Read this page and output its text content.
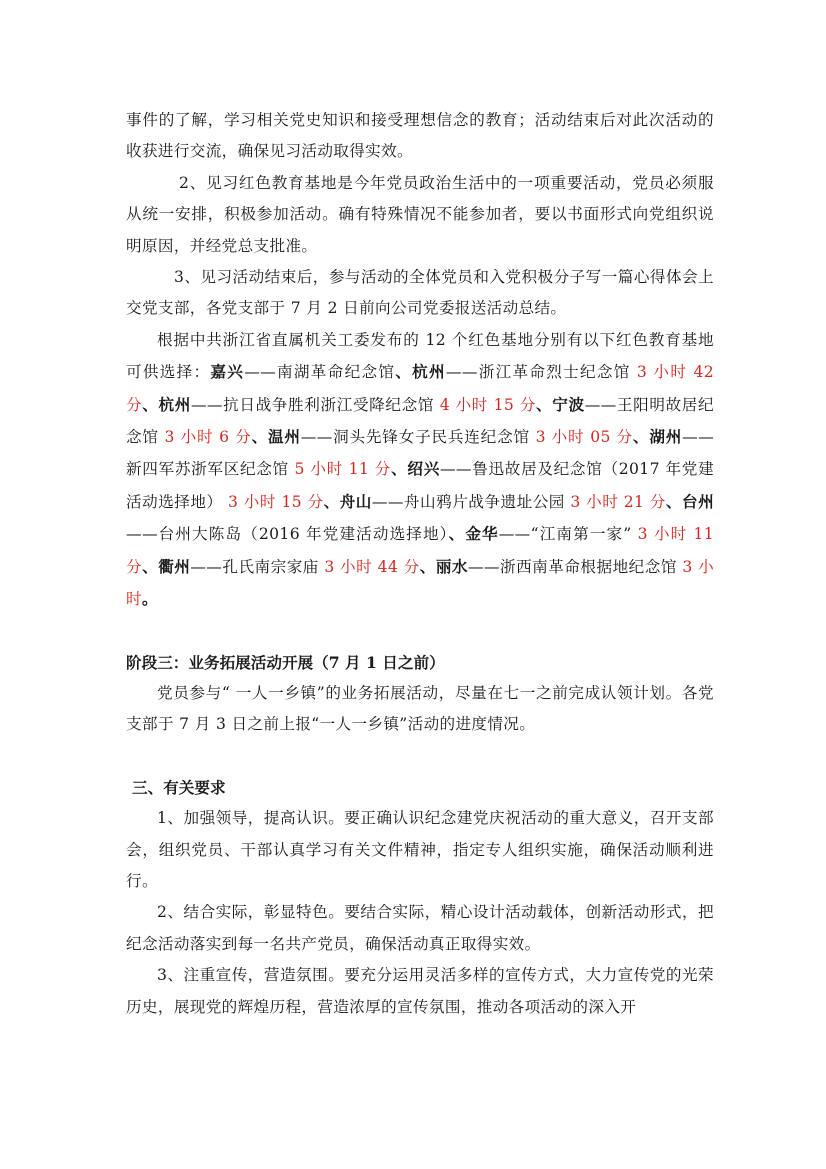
事件的了解，学习相关党史知识和接受理想信念的教育；活动结束后对此次活动的收获进行交流，确保见习活动取得实效。

2、见习红色教育基地是今年党员政治生活中的一项重要活动，党员必须服从统一安排，积极参加活动。确有特殊情况不能参加者，要以书面形式向党组织说明原因，并经党总支批准。

3、见习活动结束后，参与活动的全体党员和入党积极分子写一篇心得体会上交党支部，各党支部于 7 月 2 日前向公司党委报送活动总结。

根据中共浙江省直属机关工委发布的 12 个红色基地分别有以下红色教育基地可供选择：嘉兴——南湖革命纪念馆、杭州——浙江革命烈士纪念馆 3 小时 42 分、杭州——抗日战争胜利浙江受降纪念馆 4 小时 15 分、宁波——王阳明故居纪念馆 3 小时 6 分、温州——洞头先锋女子民兵连纪念馆 3 小时 05 分、湖州——新四军苏浙军区纪念馆 5 小时 11 分、绍兴——鲁迅故居及纪念馆（2017 年党建活动选择地） 3 小时 15 分、舟山——舟山鸦片战争遗址公园 3 小时 21 分、台州——台州大陈岛（2016 年党建活动选择地）、金华——“江南第一家” 3 小时 11 分、衢州——孔氏南宗家庙 3 小时 44 分、丽水——浙西南革命根据地纪念馆 3 小时。

阶段三：业务拓展活动开展（7 月 1 日之前）

党员参与“ 一人一乡镇”的业务拓展活动，尽量在七一之前完成认领计划。各党支部于 7 月 3 日之前上报“一人一乡镇”活动的进度情况。

三、有关要求

1、加强领导，提高认识。要正确认识纪念建党庆祝活动的重大意义，召开支部会，组织党员、干部认真学习有关文件精神，指定专人组织实施，确保活动顺利进行。

2、结合实际，彰显特色。要结合实际，精心设计活动载体，创新活动形式，把纪念活动落实到每一名共产党员，确保活动真正取得实效。

3、注重宣传，营造氛围。要充分运用灵活多样的宣传方式，大力宣传党的光荣历史，展现党的辉煌历程，营造浓厚的宣传氛围，推动各项活动的深入开
